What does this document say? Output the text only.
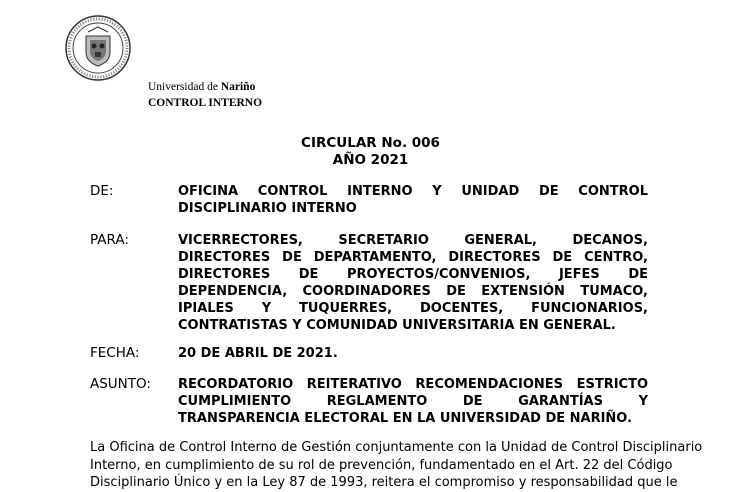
Universidad de Nariño
CONTROL INTERNO
CIRCULAR No. 006
AÑO 2021
DE:	OFICINA CONTROL INTERNO Y UNIDAD DE CONTROL DISCIPLINARIO INTERNO
PARA:	VICERRECTORES, SECRETARIO GENERAL, DECANOS, DIRECTORES DE DEPARTAMENTO, DIRECTORES DE CENTRO, DIRECTORES DE PROYECTOS/CONVENIOS, JEFES DE DEPENDENCIA, COORDINADORES DE EXTENSIÓN TUMACO, IPIALES Y TUQUERRES, DOCENTES, FUNCIONARIOS, CONTRATISTAS Y COMUNIDAD UNIVERSITARIA EN GENERAL.
FECHA:	20 DE ABRIL DE 2021.
ASUNTO: RECORDATORIO REITERATIVO RECOMENDACIONES ESTRICTO CUMPLIMIENTO REGLAMENTO DE GARANTÍAS Y TRANSPARENCIA ELECTORAL EN LA UNIVERSIDAD DE NARIÑO.
La Oficina de Control Interno de Gestión conjuntamente con la Unidad de Control Disciplinario
Interno, en cumplimiento de su rol de prevención, fundamentado en el Art. 22 del Código
Disciplinario Único y en la Ley 87 de 1993, reitera el compromiso y responsabilidad que le
